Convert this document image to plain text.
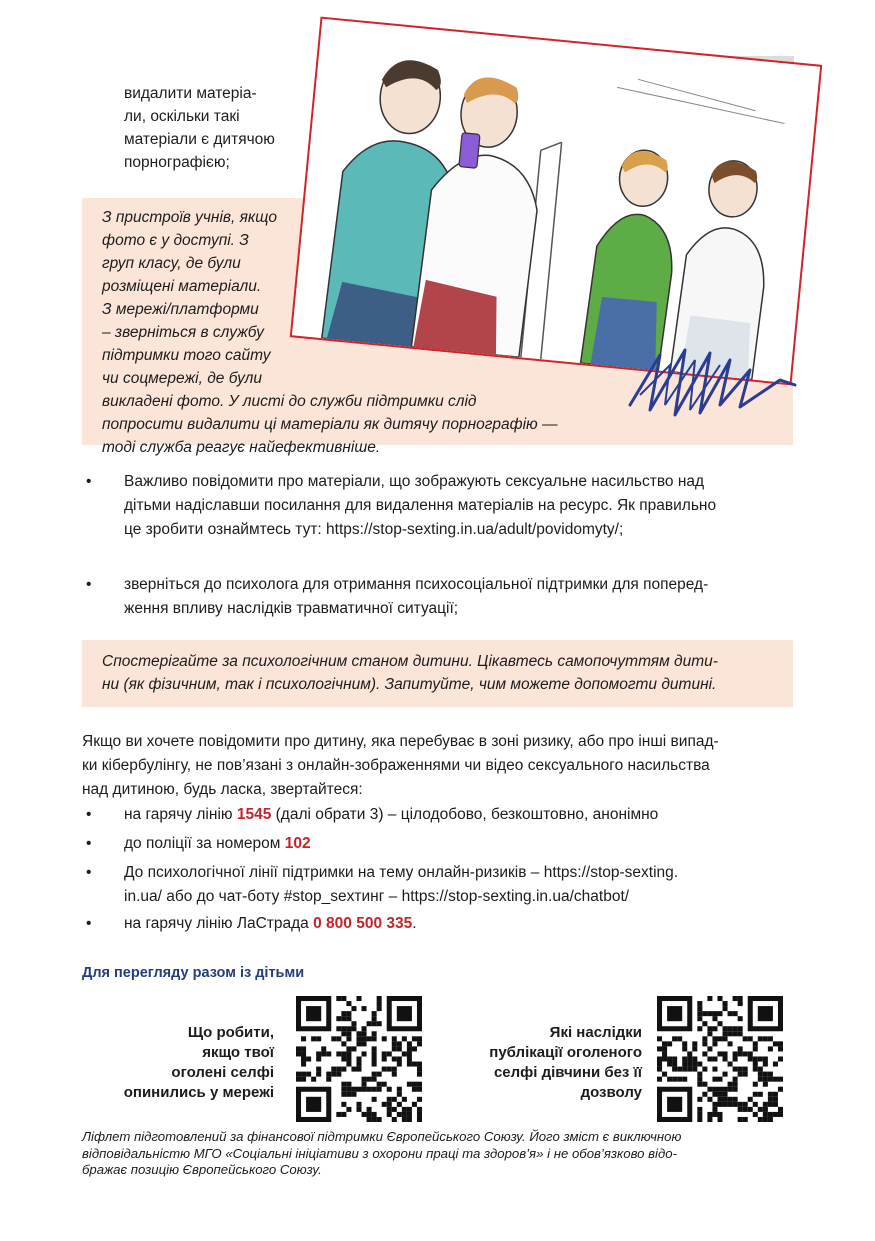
видалити матеріа-
ли, оскільки такі
матеріали є дитячою
порнографією;
З пристроїв учнів, якщо
фото є у доступі. З
груп класу, де були
розміщені матеріали.
З мережі/платформи
– зверніться в службу
підтримки того сайту
чи соцмережі, де були
викладені фото. У листі до служби підтримки слід
попросити видалити ці матеріали як дитячу порнографію —
тоді служба реагує найефективніше.
• Важливо повідомити про матеріали, що зображують сексуальне насильство над
дітьми надіславши посилання для видалення матеріалів на ресурс. Як правильно
це зробити ознаймтесь тут: https://stop-sexting.in.ua/adult/povidomyty/;
• зверніться до психолога для отримання психосоціальної підтримки для поперед-
ження впливу наслідків травматичної ситуації;
Спостерігайте за психологічним станом дитини. Цікавтесь самопочуттям дити-
ни (як фізичним, так і психологічним). Запитуйте, чим можете допомогти дитині.
Якщо ви хочете повідомити про дитину, яка перебуває в зоні ризику, або про інші випад-
ки кібербулінгу, не пов’язані з онлайн-зображеннями чи відео сексуального насильства
над дитиною, будь ласка, звертайтеся:
• на гарячу лінію 1545 (далі обрати 3) – цілодобово, безкоштовно, анонімно
• до поліції за номером 102
• До психологічної лінії підтримки на тему онлайн-ризиків – https://stop-sexting.
in.ua/ або до чат-боту #stop_sexтинг – https://stop-sexting.in.ua/chatbot/
• на гарячу лінію ЛаСтрада 0 800 500 335.
Для перегляду разом із дітьми
Що робити,
якщо твої
оголені селфі
опинились у мережі
Які наслідки
публікації оголеного
селфі дівчини без її
дозволу
Ліфлет підготовлений за фінансової підтримки Європейського Союзу. Його зміст є виключною
відповідальністю МГО «Соціальні ініціативи з охорони праці та здоров’я» і не обов’язково відо-
бражає позицію Європейського Союзу.
